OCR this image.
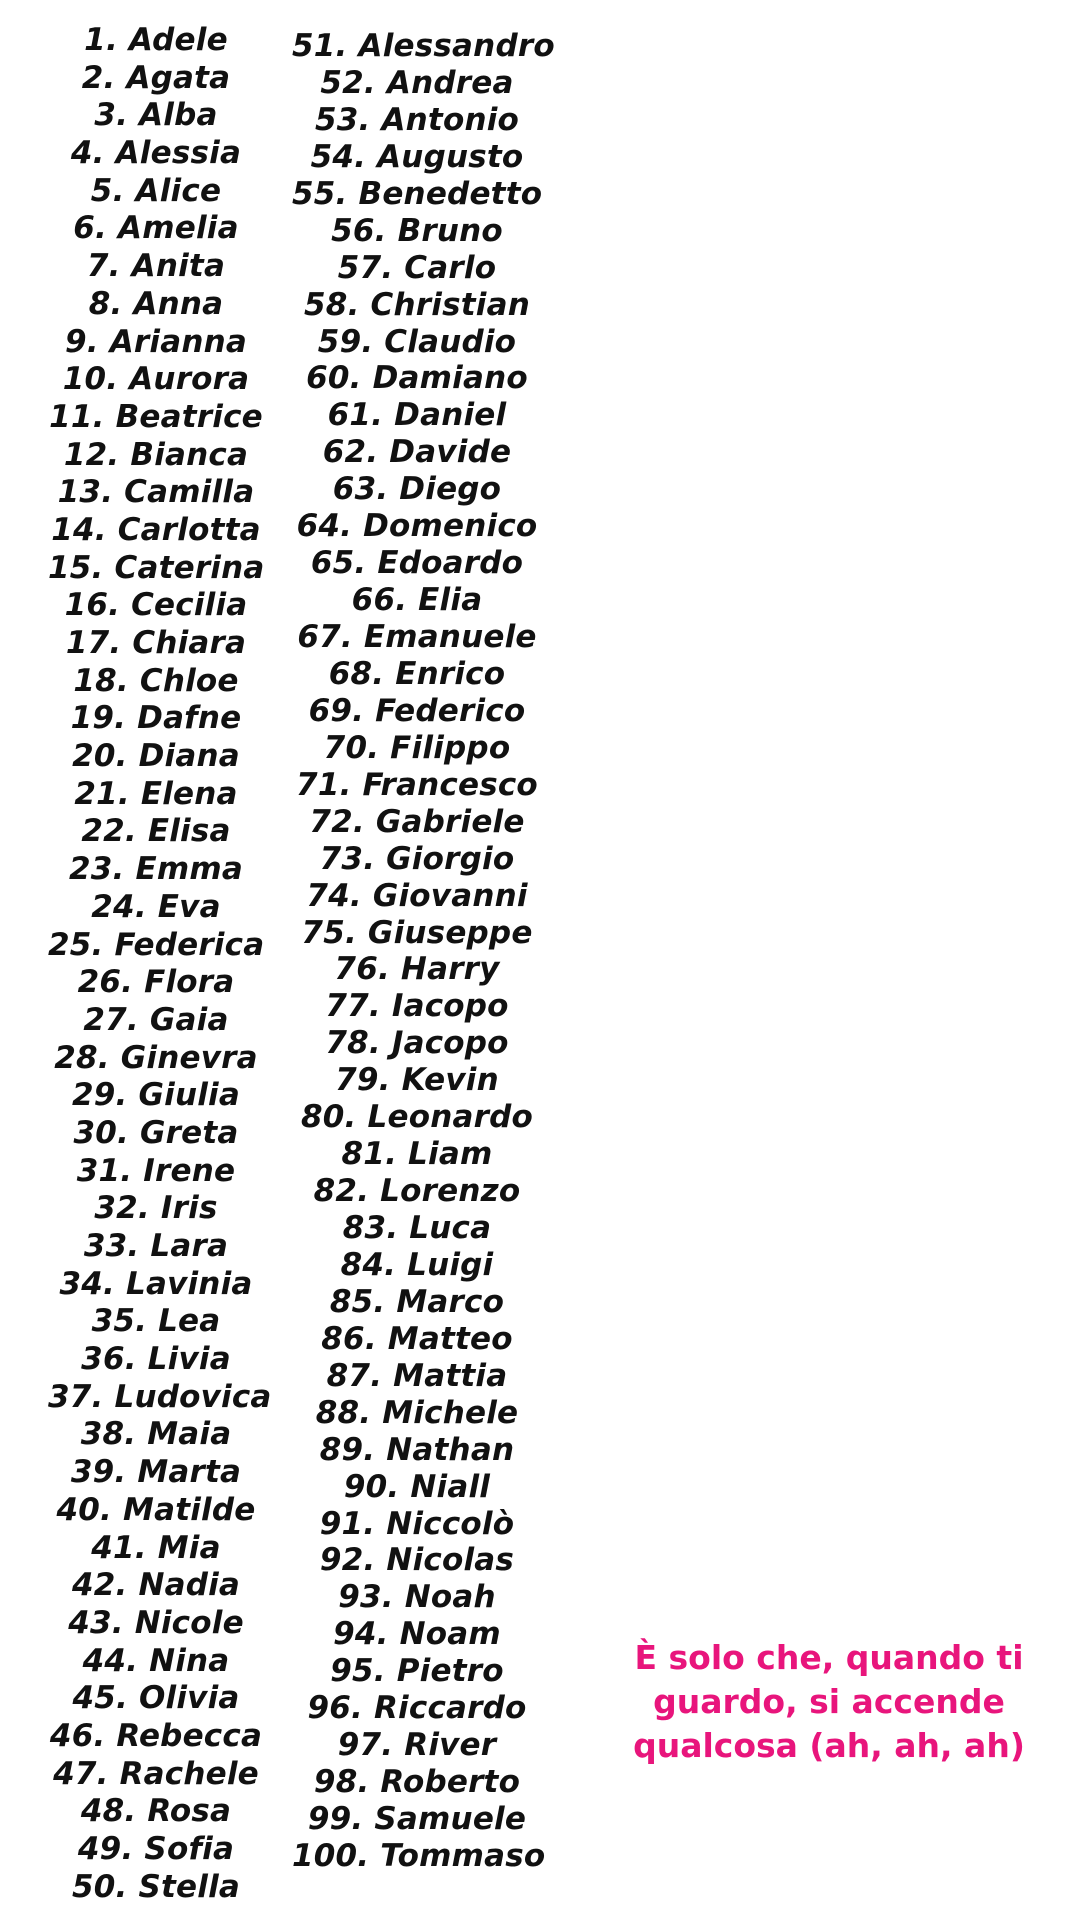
1. Adele
2. Agata
3. Alba
4. Alessia
5. Alice
6. Amelia
7. Anita
8. Anna
9. Arianna
10. Aurora
11. Beatrice
12. Bianca
13. Camilla
14. Carlotta
15. Caterina
16. Cecilia
17. Chiara
18. Chloe
19. Dafne
20. Diana
21. Elena
22. Elisa
23. Emma
24. Eva
25. Federica
26. Flora
27. Gaia
28. Ginevra
29. Giulia
30. Greta
31. Irene
32. Iris
33. Lara
34. Lavinia
35. Lea
36. Livia
37. Ludovica
38. Maia
39. Marta
40. Matilde
41. Mia
42. Nadia
43. Nicole
44. Nina
45. Olivia
46. Rebecca
47. Rachele
48. Rosa
49. Sofia
50. Stella
51. Alessandro
52. Andrea
53. Antonio
54. Augusto
55. Benedetto
56. Bruno
57. Carlo
58. Christian
59. Claudio
60. Damiano
61. Daniel
62. Davide
63. Diego
64. Domenico
65. Edoardo
66. Elia
67. Emanuele
68. Enrico
69. Federico
70. Filippo
71. Francesco
72. Gabriele
73. Giorgio
74. Giovanni
75. Giuseppe
76. Harry
77. Iacopo
78. Jacopo
79. Kevin
80. Leonardo
81. Liam
82. Lorenzo
83. Luca
84. Luigi
85. Marco
86. Matteo
87. Mattia
88. Michele
89. Nathan
90. Niall
91. Niccolò
92. Nicolas
93. Noah
94. Noam
95. Pietro
96. Riccardo
97. River
98. Roberto
99. Samuele
100. Tommaso
È solo che, quando ti
guardo, si accende
qualcosa (ah, ah, ah)
